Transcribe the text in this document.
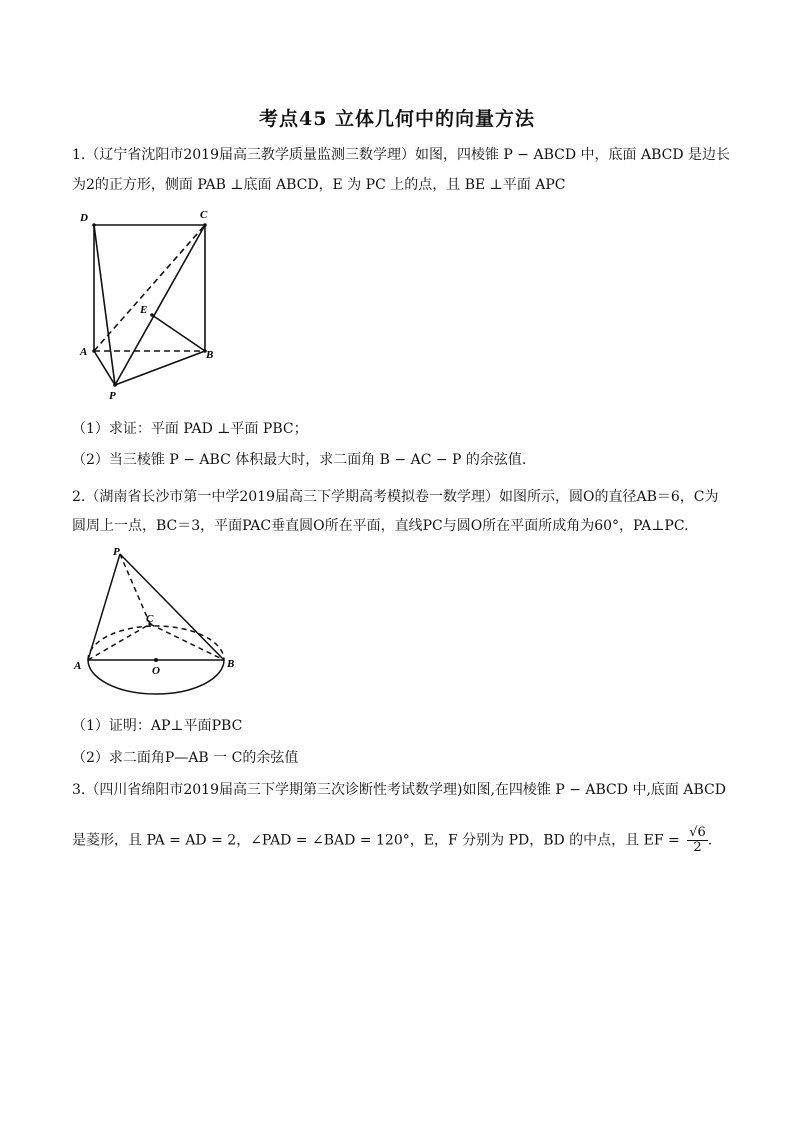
考点45 立体几何中的向量方法
1.（辽宁省沈阳市2019届高三教学质量监测三数学理）如图，四棱锥 P − ABCD 中，底面 ABCD 是边长
为2的正方形，侧面 PAB ⊥底面 ABCD，E 为 PC 上的点，且 BE ⊥平面 APC
D	C
E
A	B
P
（1）求证：平面 PAD ⊥平面 PBC；
（2）当三棱锥 P − ABC 体积最大时，求二面角 B − AC − P 的余弦值.
2.（湖南省长沙市第一中学2019届高三下学期高考模拟卷一数学理）如图所示，圆O的直径AB＝6，C为
圆周上一点，BC＝3，平面PAC垂直圆O所在平面，直线PC与圆O所在平面所成角为60°，PA⊥PC.
P
C
A	O
B
（1）证明：AP⊥平面PBC
（2）求二面角P—AB 一 C的余弦值
3.（四川省绵阳市2019届高三下学期第三次诊断性考试数学理)如图,在四棱锥 P − ABCD 中,底面 ABCD
是菱形，且 PA = AD = 2，∠PAD = ∠BAD = 120°，E，F 分别为 PD，BD 的中点，且 EF = $\frac{√6}{2}$ .
